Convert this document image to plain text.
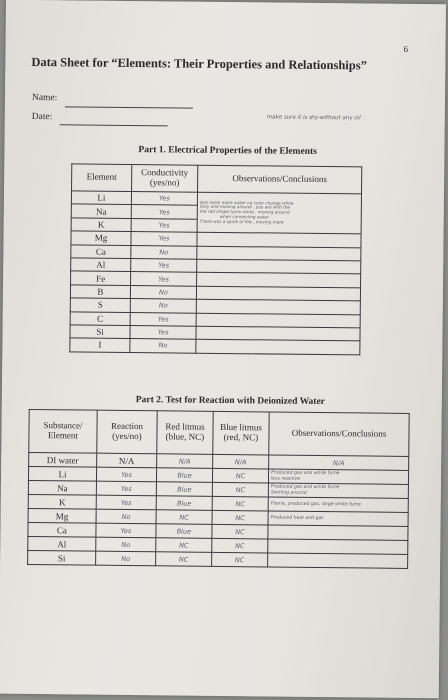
6
Data Sheet for “Elements: Their Properties and Relationships”
Name:
Date:	make sure it is dry-without any oil
Part 1. Electrical Properties of the Elements
Element	Conductivity (yes/no)	Observations/Conclusions
Li	Yes	less more more water no color change white
fizzy and moving around , you are with the
the red shape turns white , moving around
when connecting water
There was a spark of fire , moving more

Na	Yes	
K	Yes	
Mg	Yes	
Ca	No	
Al	Yes	
Fe	Yes	
B	No	
S	No	
C	Yes	
Si	Yes	
I	No	
Part 2. Test for Reaction with Deionized Water
Substance/ Element	Reaction (yes/no)	Red litmus (blue, NC)	Blue litmus (red, NC)	Observations/Conclusions
DI water	N/A	N/A	N/A	N/A
Li	Yes	Blue	NC	Produced gas and white fume
less reactive

Na	Yes	Blue	NC	Produced gas and white fume
Swirling around

K	Yes	Blue	NC	Flame, produced gas, large white fume
Mg	No	NC	NC	Produced heat and gas
Ca	Yes	Blue	NC	
Al	No	NC	NC	
Si	No	NC	NC	
